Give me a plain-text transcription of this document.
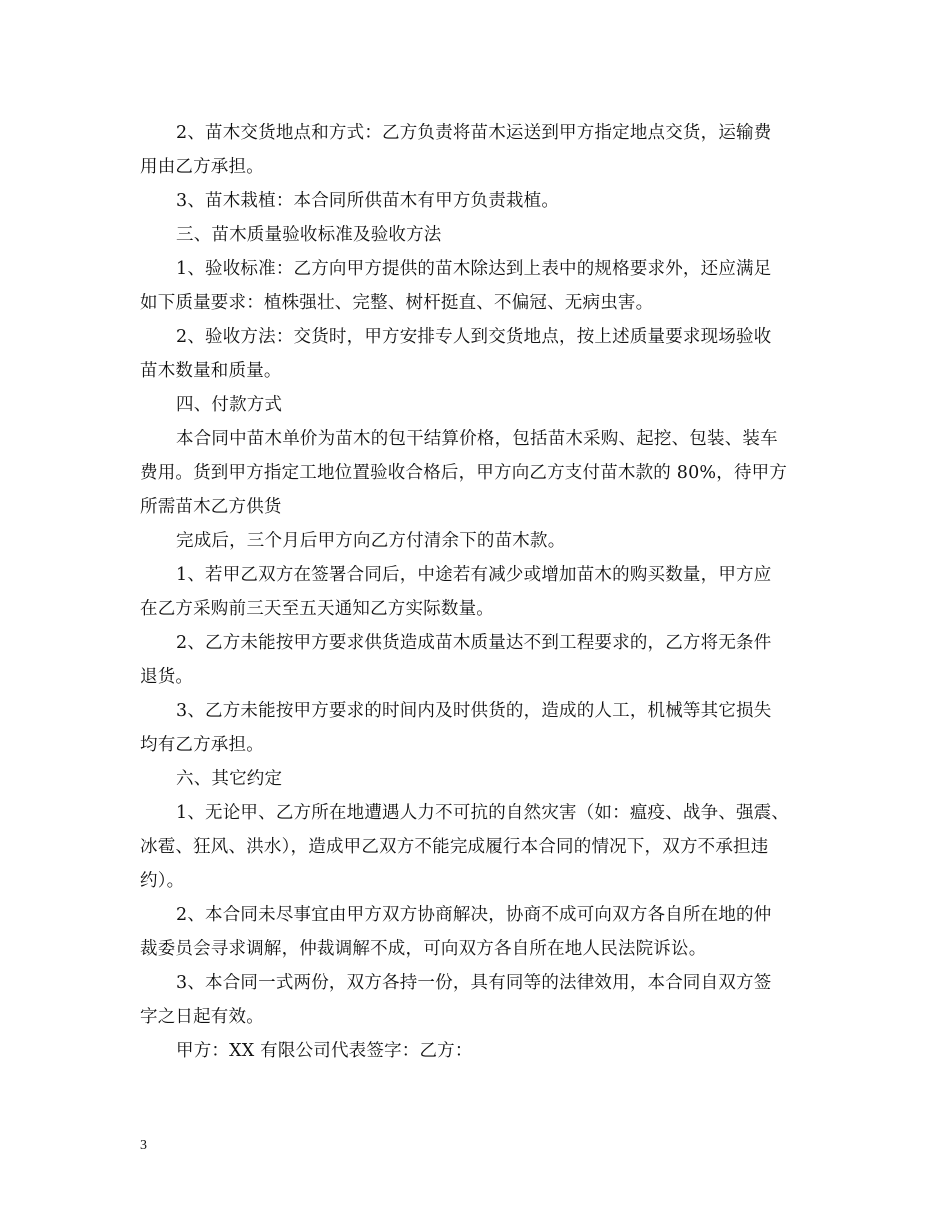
2、苗木交货地点和方式：乙方负责将苗木运送到甲方指定地点交货，运输费
用由乙方承担。
3、苗木栽植：本合同所供苗木有甲方负责栽植。
三、苗木质量验收标准及验收方法
1、验收标准：乙方向甲方提供的苗木除达到上表中的规格要求外，还应满足
如下质量要求：植株强壮、完整、树杆挺直、不偏冠、无病虫害。
2、验收方法：交货时，甲方安排专人到交货地点，按上述质量要求现场验收
苗木数量和质量。
四、付款方式
本合同中苗木单价为苗木的包干结算价格，包括苗木采购、起挖、包装、装车
费用。货到甲方指定工地位置验收合格后，甲方向乙方支付苗木款的 80%，待甲方
所需苗木乙方供货
完成后，三个月后甲方向乙方付清余下的苗木款。
1、若甲乙双方在签署合同后，中途若有减少或增加苗木的购买数量，甲方应
在乙方采购前三天至五天通知乙方实际数量。
2、乙方未能按甲方要求供货造成苗木质量达不到工程要求的，乙方将无条件
退货。
3、乙方未能按甲方要求的时间内及时供货的，造成的人工，机械等其它损失
均有乙方承担。
六、其它约定
1、无论甲、乙方所在地遭遇人力不可抗的自然灾害（如：瘟疫、战争、强震、
冰雹、狂风、洪水），造成甲乙双方不能完成履行本合同的情况下，双方不承担违
约）。
2、本合同未尽事宜由甲方双方协商解决，协商不成可向双方各自所在地的仲
裁委员会寻求调解，仲裁调解不成，可向双方各自所在地人民法院诉讼。
3、本合同一式两份，双方各持一份，具有同等的法律效用，本合同自双方签
字之日起有效。
甲方：XX 有限公司代表签字：乙方：
3
